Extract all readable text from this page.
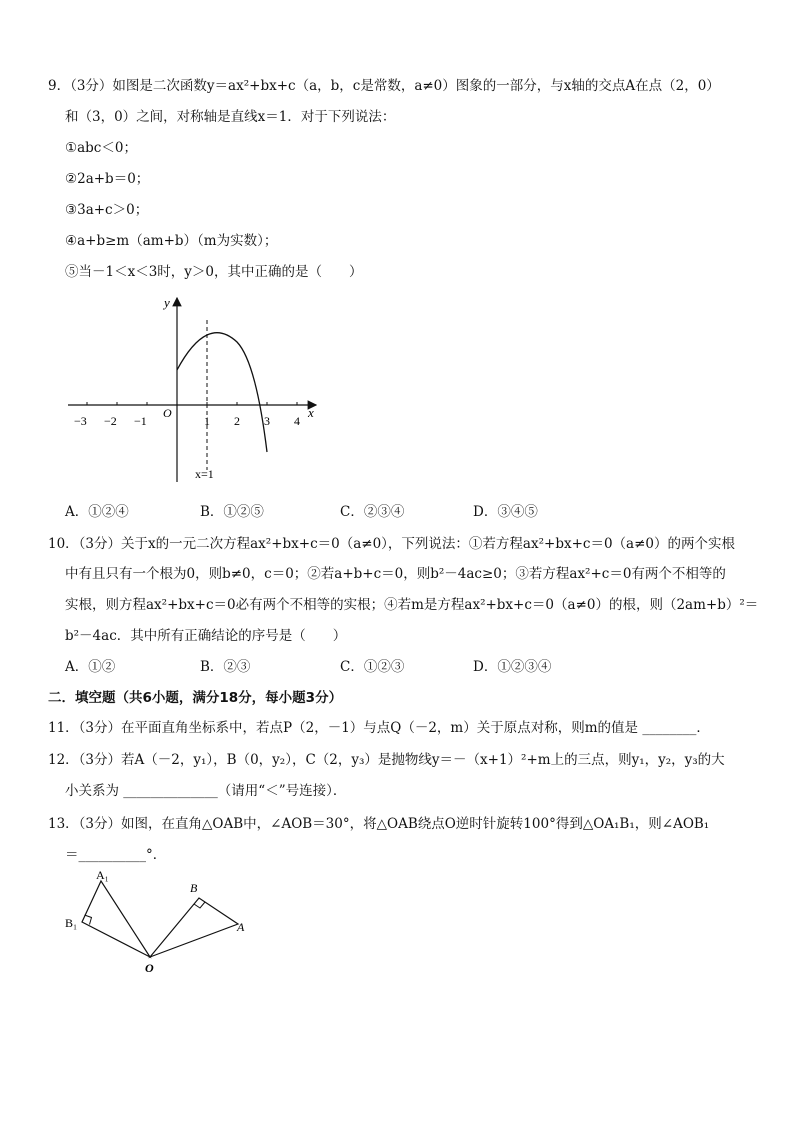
9．（3分）如图是二次函数y＝ax²+bx+c（a，b，c是常数，a≠0）图象的一部分，与x轴的交点A在点（2，0）
和（3，0）之间，对称轴是直线x＝1．对于下列说法：
①abc＜0；
②2a+b＝0；
③3a+c＞0；
④a+b≥m（am+b）（m为实数）；
⑤当－1＜x＜3时，y＞0，其中正确的是（　　）
y
x
O
−3 −2 −1	1 2 3 4
x=1
A．①②④	B．①②⑤	C．②③④	D．③④⑤
10．（3分）关于x的一元二次方程ax²+bx+c＝0（a≠0），下列说法：①若方程ax²+bx+c＝0（a≠0）的两个实根
中有且只有一个根为0，则b≠0，c＝0；②若a+b+c＝0，则b²－4ac≥0；③若方程ax²+c＝0有两个不相等的
实根，则方程ax²+bx+c＝0必有两个不相等的实根；④若m是方程ax²+bx+c＝0（a≠0）的根，则（2am+b）²＝
b²－4ac．其中所有正确结论的序号是（　　）
A．①②	B．②③	C．①②③	D．①②③④
二．填空题（共6小题，满分18分，每小题3分）
11．（3分）在平面直角坐标系中，若点P（2，－1）与点Q（－2，m）关于原点对称，则m的值是 ________．
12．（3分）若A（－2，y₁），B（0，y₂），C（2，y₃）是抛物线y＝－（x+1）²+m上的三点，则y₁，y₂，y₃的大
小关系为 ______________（请用“＜”号连接）．
13．（3分）如图，在直角△OAB中，∠AOB＝30°，将△OAB绕点O逆时针旋转100°得到△OA₁B₁，则∠AOB₁
＝__________°．
A₁
B₁
B
A
O
